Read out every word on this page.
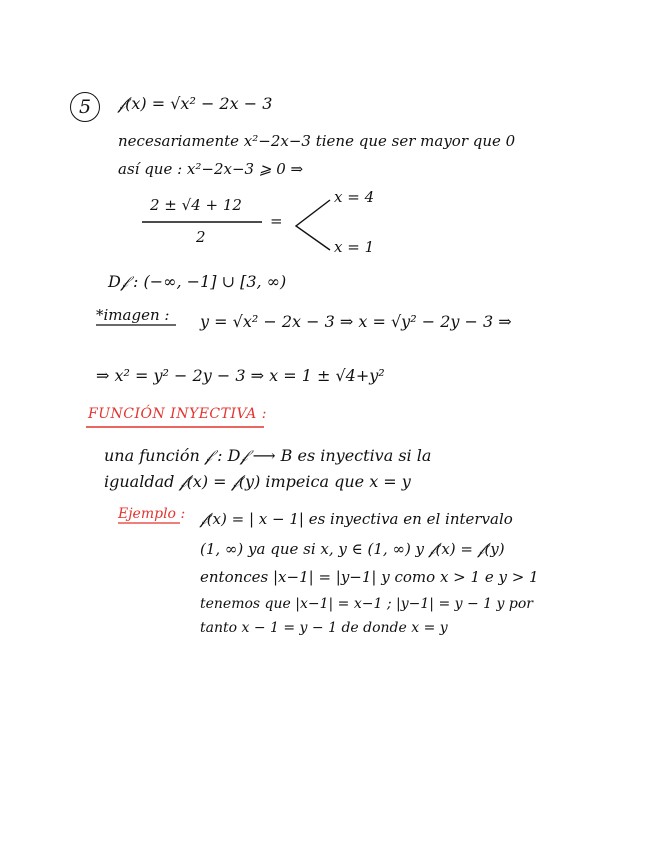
5	𝒻(x) = √x² − 2x − 3
necesariamente x²−2x−3 tiene que ser mayor que 0
así que : x²−2x−3 ⩾ 0 ⇒
2 ± √4 + 12
2
=
x = 4
x = 1
D𝒻 : (−∞, −1] ∪ [3, ∞)
*imagen : y = √x² − 2x − 3 ⇒ x = √y² − 2y − 3 ⇒
⇒ x² = y² − 2y − 3 ⇒ x = 1 ± √4+y²
FUNCIÓN INYECTIVA :
una función 𝒻 : D𝒻 ⟶ B es inyectiva si la
igualdad 𝒻(x) = 𝒻(y) impeica que x = y
Ejemplo : 𝒻(x) = | x − 1| es inyectiva en el intervalo
(1, ∞) ya que si x, y ∈ (1, ∞) y 𝒻(x) = 𝒻(y)
entonces |x−1| = |y−1| y como x > 1 e y > 1
tenemos que |x−1| = x−1 ; |y−1| = y − 1 y por
tanto x − 1 = y − 1 de donde x = y
